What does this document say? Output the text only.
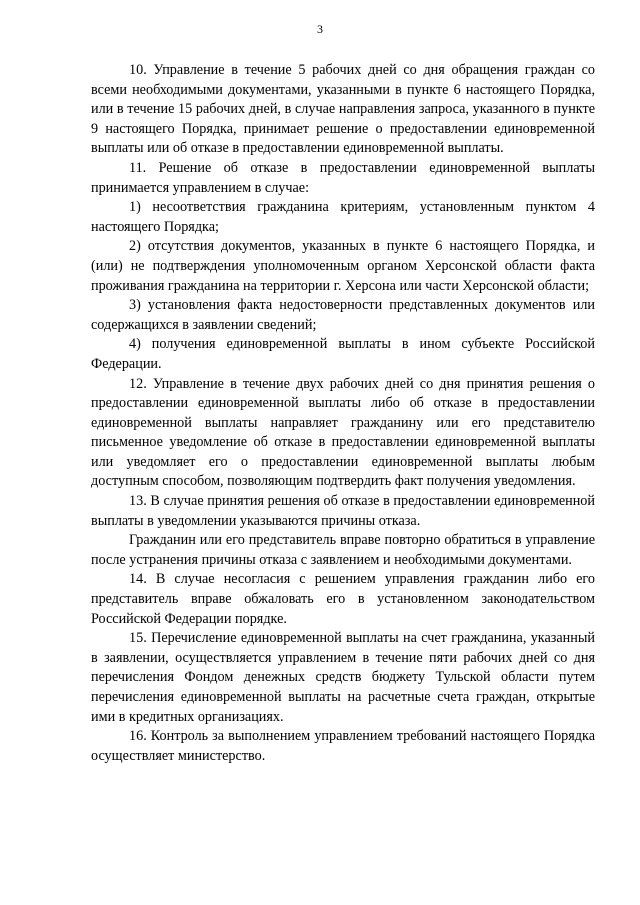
3

10. Управление в течение 5 рабочих дней со дня обращения граждан со всеми необходимыми документами, указанными в пункте 6 настоящего Порядка, или в течение 15 рабочих дней, в случае направления запроса, указанного в пункте 9 настоящего Порядка, принимает решение о предоставлении единовременной выплаты или об отказе в предоставлении единовременной выплаты.

11. Решение об отказе в предоставлении единовременной выплаты принимается управлением в случае:

1) несоответствия гражданина критериям, установленным пунктом 4 настоящего Порядка;

2) отсутствия документов, указанных в пункте 6 настоящего Порядка, и (или) не подтверждения уполномоченным органом Херсонской области факта проживания гражданина на территории г. Херсона или части Херсонской области;

3) установления факта недостоверности представленных документов или содержащихся в заявлении сведений;

4) получения единовременной выплаты в ином субъекте Российской Федерации.

12. Управление в течение двух рабочих дней со дня принятия решения о предоставлении единовременной выплаты либо об отказе в предоставлении единовременной выплаты направляет гражданину или его представителю письменное уведомление об отказе в предоставлении единовременной выплаты или уведомляет его о предоставлении единовременной выплаты любым доступным способом, позволяющим подтвердить факт получения уведомления.

13. В случае принятия решения об отказе в предоставлении единовременной выплаты в уведомлении указываются причины отказа.

Гражданин или его представитель вправе повторно обратиться в управление после устранения причины отказа с заявлением и необходимыми документами.

14. В случае несогласия с решением управления гражданин либо его представитель вправе обжаловать его в установленном законодательством Российской Федерации порядке.

15. Перечисление единовременной выплаты на счет гражданина, указанный в заявлении, осуществляется управлением в течение пяти рабочих дней со дня перечисления Фондом денежных средств бюджету Тульской области путем перечисления единовременной выплаты на расчетные счета граждан, открытые ими в кредитных организациях.

16. Контроль за выполнением управлением требований настоящего Порядка осуществляет министерство.
